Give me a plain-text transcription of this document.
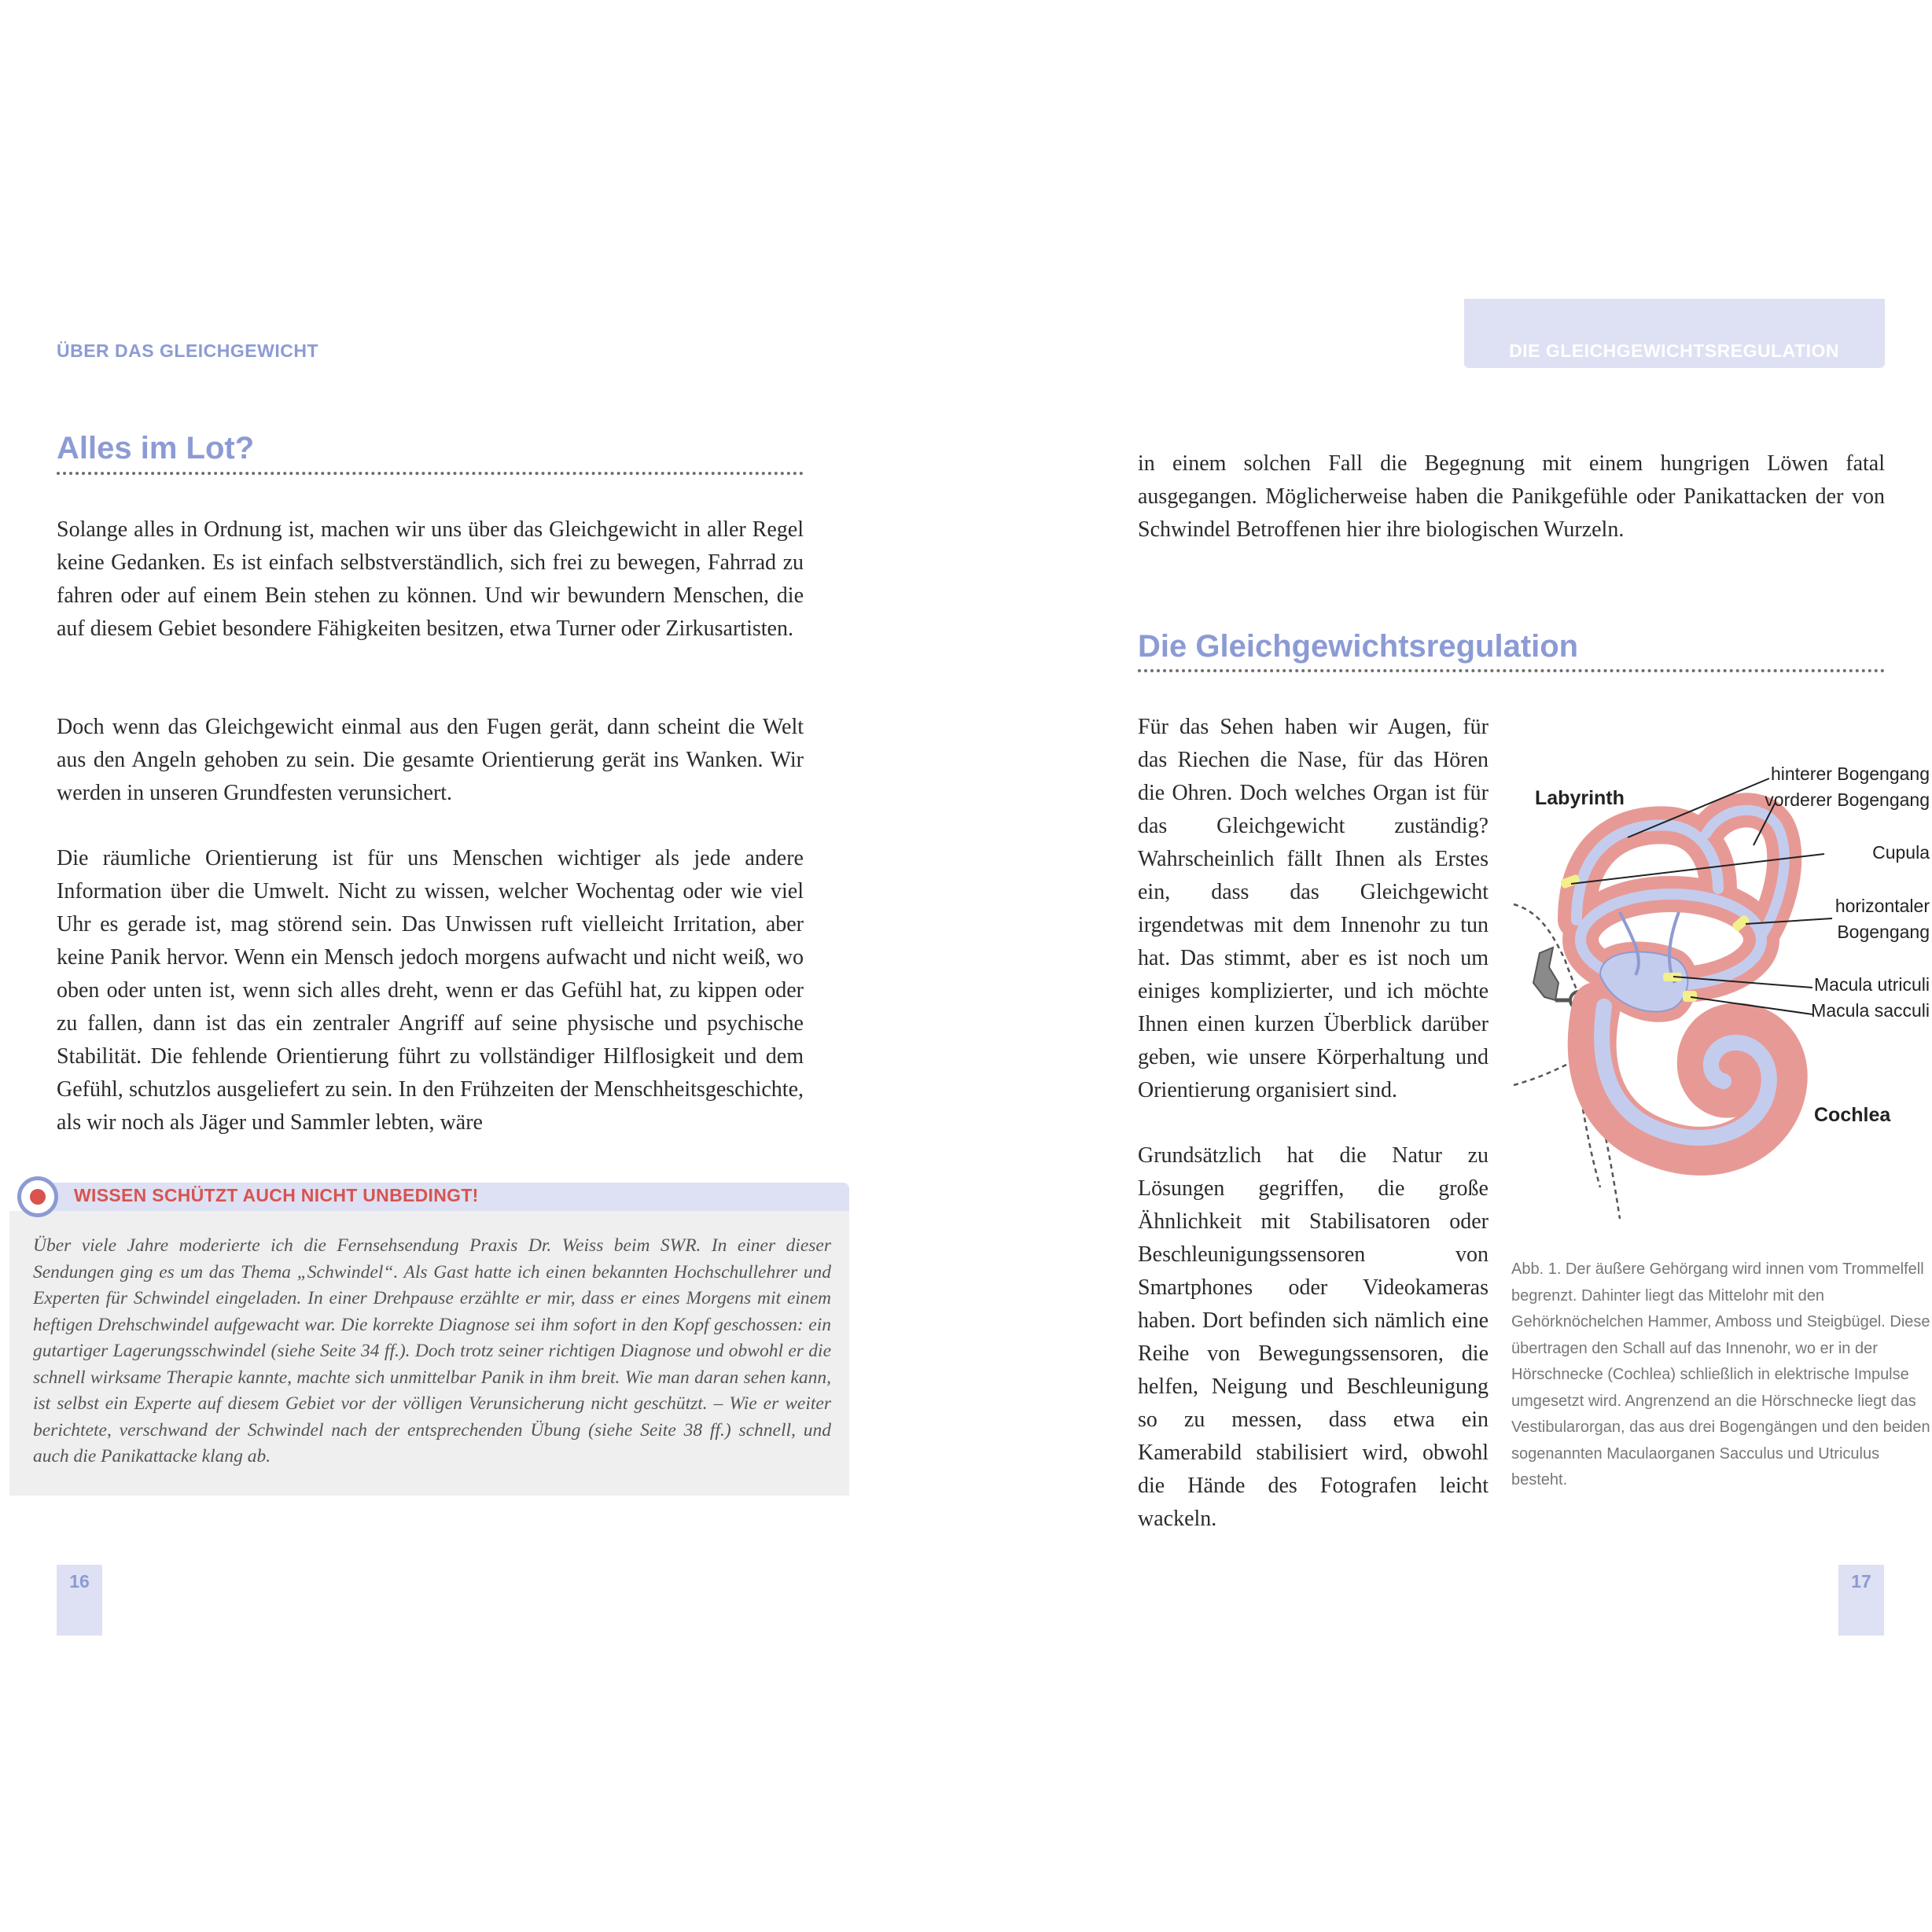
ÜBER DAS GLEICHGEWICHT
Alles im Lot?

Solange alles in Ordnung ist, machen wir uns über das Gleichgewicht in aller Regel keine Gedanken. Es ist einfach selbstverständlich, sich frei zu bewegen, Fahrrad zu fahren oder auf einem Bein stehen zu können. Und wir bewundern Menschen, die auf diesem Gebiet besondere Fähigkeiten besitzen, etwa Turner oder Zirkusartisten.

Doch wenn das Gleichgewicht einmal aus den Fugen gerät, dann scheint die Welt aus den Angeln gehoben zu sein. Die gesamte Orientierung gerät ins Wanken. Wir werden in unseren Grundfesten verunsichert.

Die räumliche Orientierung ist für uns Menschen wichtiger als jede andere Information über die Umwelt. Nicht zu wissen, welcher Wochentag oder wie viel Uhr es gerade ist, mag störend sein. Das Unwissen ruft vielleicht Irritation, aber keine Panik hervor. Wenn ein Mensch jedoch morgens aufwacht und nicht weiß, wo oben oder unten ist, wenn sich alles dreht, wenn er das Gefühl hat, zu kippen oder zu fallen, dann ist das ein zentraler Angriff auf seine physische und psychische Stabilität. Die fehlende Orientierung führt zu vollständiger Hilflosigkeit und dem Gefühl, schutzlos ausgeliefert zu sein. In den Frühzeiten der Menschheitsgeschichte, als wir noch als Jäger und Sammler lebten, wäre

WISSEN SCHÜTZT AUCH NICHT UNBEDINGT!

Über viele Jahre moderierte ich die Fernsehsendung Praxis Dr. Weiss beim SWR. In einer dieser Sendungen ging es um das Thema „Schwindel“. Als Gast hatte ich einen bekannten Hochschullehrer und Experten für Schwindel eingeladen. In einer Drehpause erzählte er mir, dass er eines Morgens mit einem heftigen Drehschwindel aufgewacht war. Die korrekte Diagnose sei ihm sofort in den Kopf geschossen: ein gutartiger Lagerungsschwindel (siehe Seite 34 ff.). Doch trotz seiner richtigen Diagnose und obwohl er die schnell wirksame Therapie kannte, machte sich unmittelbar Panik in ihm breit. Wie man daran sehen kann, ist selbst ein Experte auf diesem Gebiet vor der völligen Verunsicherung nicht geschützt. – Wie er weiter berichtete, verschwand der Schwindel nach der entsprechenden Übung (siehe Seite 38 ff.) schnell, und auch die Panikattacke klang ab.

16
DIE GLEICHGEWICHTSREGULATION

in einem solchen Fall die Begegnung mit einem hungrigen Löwen fatal ausgegangen. Möglicherweise haben die Panikgefühle oder Panikattacken der von Schwindel Betroffenen hier ihre biologischen Wurzeln.

Die Gleichgewichtsregulation

Für das Sehen haben wir Augen, für das Riechen die Nase, für das Hören die Ohren. Doch welches Organ ist für das Gleichgewicht zuständig? Wahrscheinlich fällt Ihnen als Erstes ein, dass das Gleichgewicht irgendetwas mit dem Innenohr zu tun hat. Das stimmt, aber es ist noch um einiges komplizierter, und ich möchte Ihnen einen kurzen Überblick darüber geben, wie unsere Körperhaltung und Orientierung organisiert sind.

Grundsätzlich hat die Natur zu Lösungen gegriffen, die große Ähnlichkeit mit Stabilisatoren oder Beschleunigungssensoren von Smartphones oder Videokameras haben. Dort befinden sich nämlich eine Reihe von Bewegungssensoren, die helfen, Neigung und Beschleunigung so zu messen, dass etwa ein Kamerabild stabilisiert wird, obwohl die Hände des Fotografen leicht wackeln.

Labyrinth
hinterer Bogengang
vorderer Bogengang
Cupula
horizontaler
Bogengang
Macula utriculi
Macula sacculi
Cochlea

Abb. 1. Der äußere Gehörgang wird innen vom Trommelfell begrenzt. Dahinter liegt das Mittelohr mit den Gehörknöchelchen Hammer, Amboss und Steigbügel. Diese übertragen den Schall auf das Innenohr, wo er in der Hörschnecke (Cochlea) schließlich in elektrische Impulse umgesetzt wird. Angrenzend an die Hörschnecke liegt das Vestibularorgan, das aus drei Bogengängen und den beiden sogenannten Maculaorganen Sacculus und Utriculus besteht.

17
